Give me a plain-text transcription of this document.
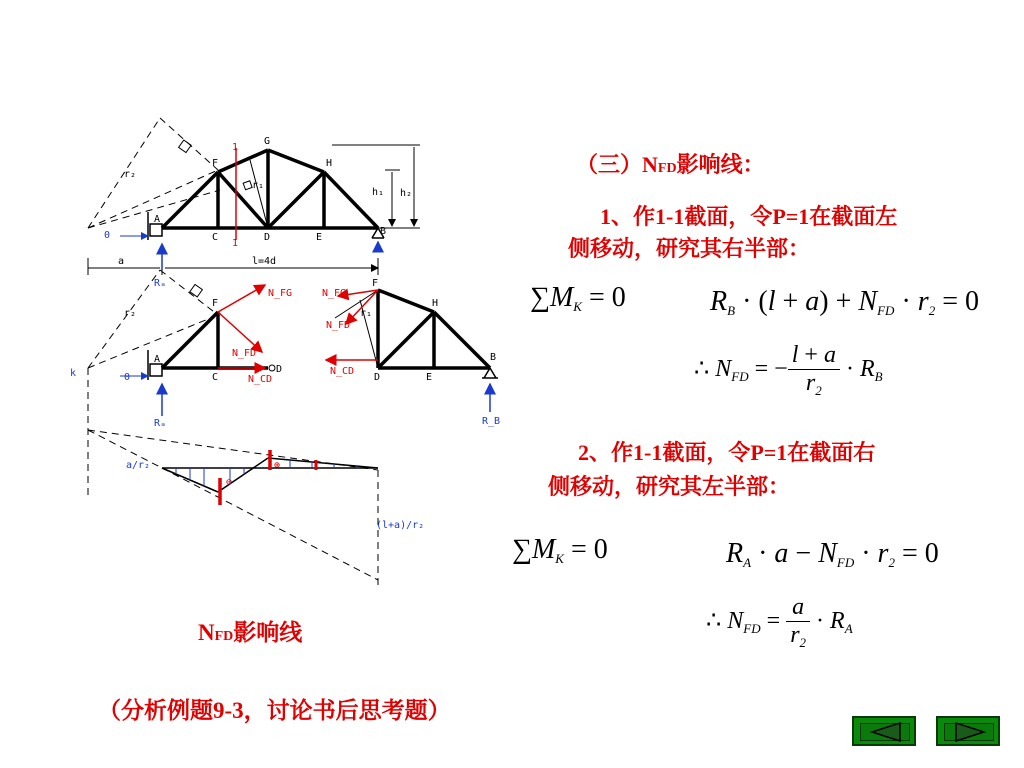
F
G
H
A
B
C	D	E
r₂
r₁
h₁ h₂
a	l=4d
1
1
0
Rₐ
F
A
C
D
r₂
k	0
Rₐ
N_FG
N_FD
N_CD
H
F
D	E
B
r₁
N_FG
N_FD
N_CD
R_B
⊖
⊕
a/r₂
(l+a)/r₂
NFD影响线
（分析例题9-3，讨论书后思考题）
（三）NFD影响线：
1、作1-1截面，令P=1在截面左
侧移动，研究其右半部：
$\sum M_K = 0$	$R_B \cdot (l + a) + N_{FD} \cdot r_2 = 0$
∴ $N_{FD}$ = − $\frac{l + a}{r_2} \cdot R_B$
2、作1-1截面，令P=1在截面右
侧移动，研究其左半部：
$\sum M_K = 0$	$R_A \cdot a - N_{FD} \cdot r_2 = 0$
∴ $N_{FD} = \frac{a}{r_2} \cdot R_A$
